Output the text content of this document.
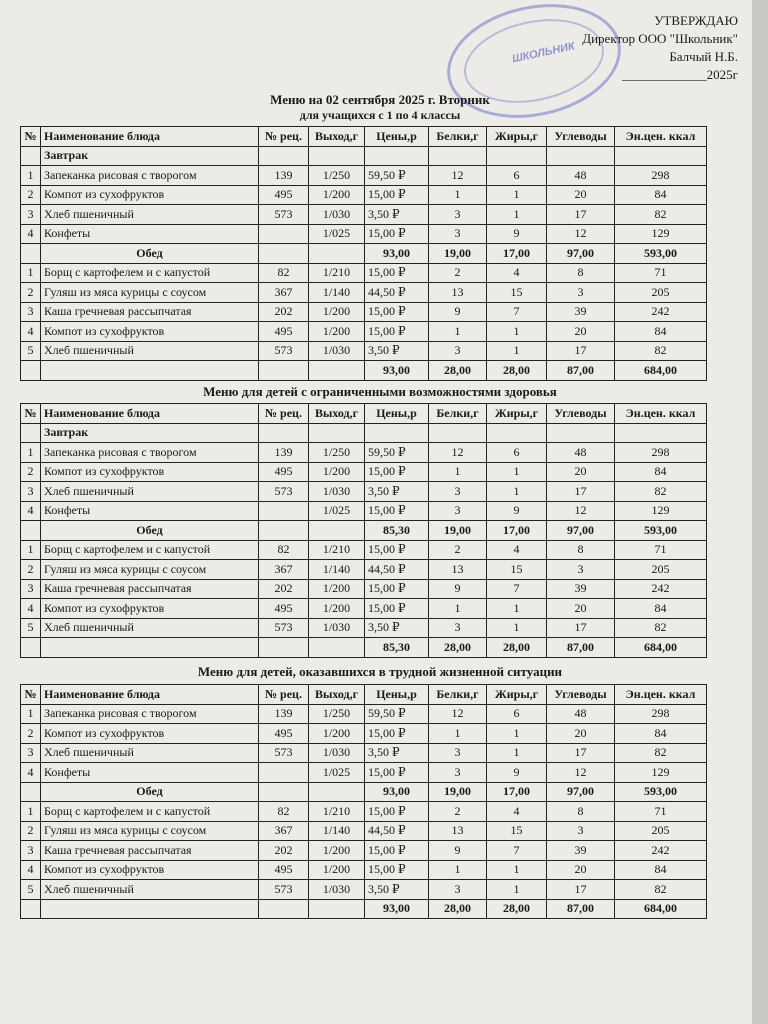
ШКОЛЬНИК
УТВЕРЖДАЮ
Директор ООО "Школьник"
Балчый Н.Б.
_____________2025г
Меню на 02 сентября 2025 г. Вторник
для учащихся с 1 по 4 классы
№	Наименование блюда	№ рец.	Выход,г	Цены,р	Белки,г	Жиры,г	Углеводы	Эн.цен. ккал
	Завтрак							
1	Запеканка рисовая с творогом	139	1/250	59,50 ₽	12	6	48	298
2	Компот из сухофруктов	495	1/200	15,00 ₽	1	1	20	84
3	Хлеб пшеничный	573	1/030	3,50 ₽	3	1	17	82
4	Конфеты		1/025	15,00 ₽	3	9	12	129
	Обед			93,00	19,00	17,00	97,00	593,00
1	Борщ с картофелем и с капустой	82	1/210	15,00 ₽	2	4	8	71
2	Гуляш из мяса курицы с соусом	367	1/140	44,50 ₽	13	15	3	205
3	Каша гречневая рассыпчатая	202	1/200	15,00 ₽	9	7	39	242
4	Компот из сухофруктов	495	1/200	15,00 ₽	1	1	20	84
5	Хлеб пшеничный	573	1/030	3,50 ₽	3	1	17	82
				93,00	28,00	28,00	87,00	684,00
Меню для детей с ограниченными возможностями здоровья
№	Наименование блюда	№ рец.	Выход,г	Цены,р	Белки,г	Жиры,г	Углеводы	Эн.цен. ккал
	Завтрак							
1	Запеканка рисовая с творогом	139	1/250	59,50 ₽	12	6	48	298
2	Компот из сухофруктов	495	1/200	15,00 ₽	1	1	20	84
3	Хлеб пшеничный	573	1/030	3,50 ₽	3	1	17	82
4	Конфеты		1/025	15,00 ₽	3	9	12	129
	Обед			85,30	19,00	17,00	97,00	593,00
1	Борщ с картофелем и с капустой	82	1/210	15,00 ₽	2	4	8	71
2	Гуляш из мяса курицы с соусом	367	1/140	44,50 ₽	13	15	3	205
3	Каша гречневая рассыпчатая	202	1/200	15,00 ₽	9	7	39	242
4	Компот из сухофруктов	495	1/200	15,00 ₽	1	1	20	84
5	Хлеб пшеничный	573	1/030	3,50 ₽	3	1	17	82
				85,30	28,00	28,00	87,00	684,00
Меню для детей, оказавшихся в трудной жизненной ситуации
№	Наименование блюда	№ рец.	Выход,г	Цены,р	Белки,г	Жиры,г	Углеводы	Эн.цен. ккал
1	Запеканка рисовая с творогом	139	1/250	59,50 ₽	12	6	48	298
2	Компот из сухофруктов	495	1/200	15,00 ₽	1	1	20	84
3	Хлеб пшеничный	573	1/030	3,50 ₽	3	1	17	82
4	Конфеты		1/025	15,00 ₽	3	9	12	129
	Обед			93,00	19,00	17,00	97,00	593,00
1	Борщ с картофелем и с капустой	82	1/210	15,00 ₽	2	4	8	71
2	Гуляш из мяса курицы с соусом	367	1/140	44,50 ₽	13	15	3	205
3	Каша гречневая рассыпчатая	202	1/200	15,00 ₽	9	7	39	242
4	Компот из сухофруктов	495	1/200	15,00 ₽	1	1	20	84
5	Хлеб пшеничный	573	1/030	3,50 ₽	3	1	17	82
				93,00	28,00	28,00	87,00	684,00
